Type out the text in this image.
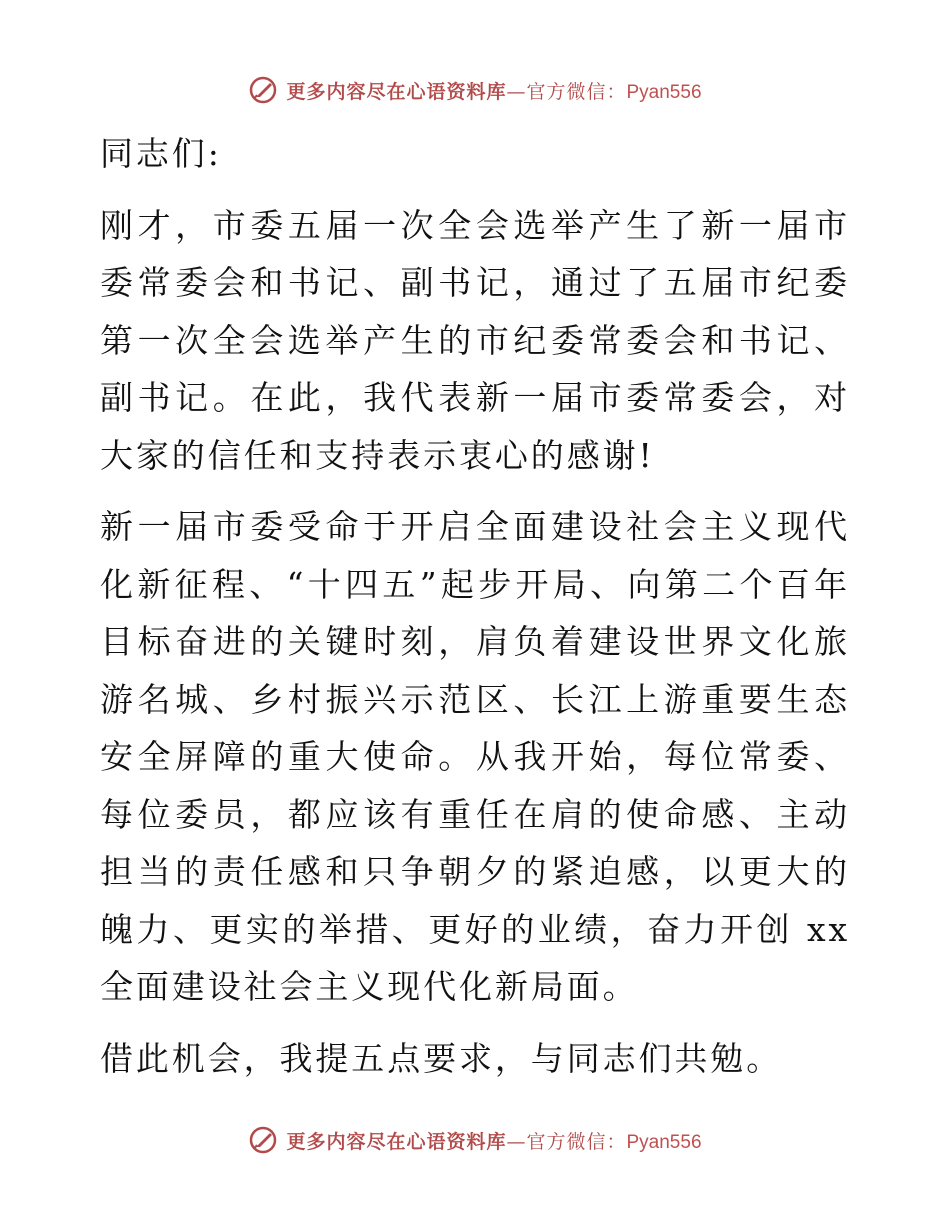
更多内容尽在心语资料库—官方微信：Pyan556

同志们:

刚才，市委五届一次全会选举产生了新一届市委常委会和书记、副书记，通过了五届市纪委第一次全会选举产生的市纪委常委会和书记、副书记。在此，我代表新一届市委常委会，对大家的信任和支持表示衷心的感谢!

新一届市委受命于开启全面建设社会主义现代化新征程、“十四五”起步开局、向第二个百年目标奋进的关键时刻，肩负着建设世界文化旅游名城、乡村振兴示范区、长江上游重要生态安全屏障的重大使命。从我开始，每位常委、每位委员，都应该有重任在肩的使命感、主动担当的责任感和只争朝夕的紧迫感，以更大的魄力、更实的举措、更好的业绩，奋力开创 xx 全面建设社会主义现代化新局面。

借此机会，我提五点要求，与同志们共勉。

更多内容尽在心语资料库—官方微信：Pyan556
